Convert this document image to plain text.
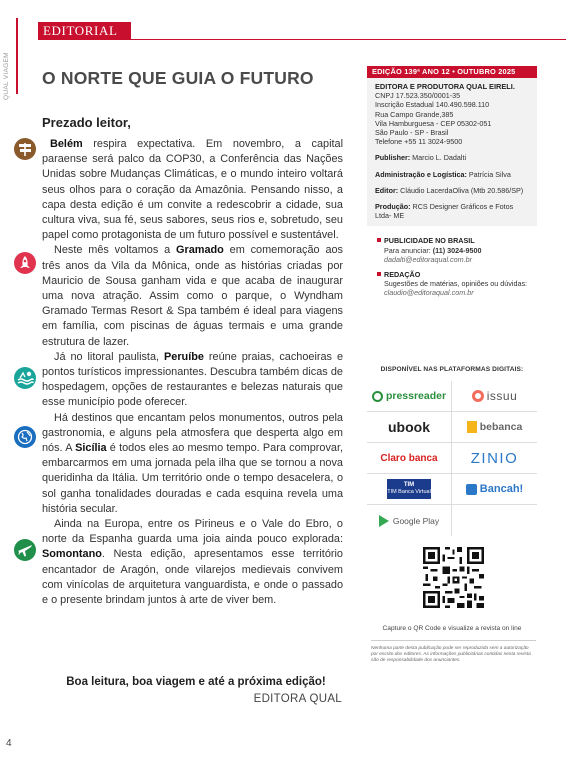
QUAL VIAGEM
EDITORIAL
O NORTE QUE GUIA O FUTURO
Prezado leitor,

Belém respira expectativa. Em novembro, a capital paraense será palco da COP30, a Conferência das Nações Unidas sobre Mudanças Climáticas, e o mundo inteiro voltará seus olhos para o coração da Amazônia. Pensando nisso, a capa desta edição é um convite a redescobrir a cidade, sua cultura viva, sua fé, seus sabores, seus rios e, sobretudo, seu papel como protagonista de um futuro possível e sustentável.

Neste mês voltamos a Gramado em comemoração aos três anos da Vila da Mônica, onde as histórias criadas por Mauricio de Sousa ganham vida e que acaba de inaugurar uma nova atração. Assim como o parque, o Wyndham Gramado Termas Resort & Spa também é ideal para viagens em família, com piscinas de águas termais e uma grande estrutura de lazer.

Já no litoral paulista, Peruíbe reúne praias, cachoeiras e pontos turísticos impressionantes. Descubra também dicas de hospedagem, opções de restaurantes e belezas naturais que esse município pode oferecer.

Há destinos que encantam pelos monumentos, outros pela gastronomia, e alguns pela atmosfera que desperta algo em nós. A Sicília é todos eles ao mesmo tempo. Para comprovar, embarcarmos em uma jornada pela ilha que se tornou a nova queridinha da Itália. Um território onde o tempo desacelera, o sol ganha tonalidades douradas e cada esquina revela uma história secular.

Ainda na Europa, entre os Pirineus e o Vale do Ebro, o norte da Espanha guarda uma joia ainda pouco explorada: Somontano. Nesta edição, apresentamos esse território encantador de Aragón, onde vilarejos medievais convivem com vinícolas de arquitetura vanguardista, e onde o passado e o presente brindam juntos à arte de viver bem.

Boa leitura, boa viagem e até a próxima edição!
EDITORA QUAL
4
EDIÇÃO 139ª ANO 12 • OUTUBRO 2025
EDITORA E PRODUTORA QUAL EIRELI.
CNPJ 17.523.350/0001-35
Inscrição Estadual 140.490.598.110
Rua Campo Grande,385
Vila Hamburguesa - CEP 05302-051
São Paulo - SP - Brasil
Telefone +55 11 3024-9500
Publisher: Marcio L. Dadalti
Administração e Logística: Patrícia Silva
Editor: Cláudio LacerdaOliva (Mtb 20.586/SP)
Produção: RCS Designer Gráficos e Fotos Ltda- ME
PUBLICIDADE NO BRASIL
Para anunciar: (11) 3024-9500
dadalti@editoraqual.com.br
REDAÇÃO
Sugestões de matérias, opiniões ou dúvidas:
claudio@editoraqual.com.br
DISPONÍVEL NAS PLATAFORMAS DIGITAIS:
pressreader	issuu
ubook	bebanca
Claro banca ZINIO
TIM
TIM Banca Virtual	Bancah!
Google Play
Capture o QR Code e visualize a revista on line
Nenhuma parte desta publicação pode ser reproduzida sem a autorização por escrito dos editores. As informações publicitárias contidas nesta revista são de responsabilidade dos anunciantes.
